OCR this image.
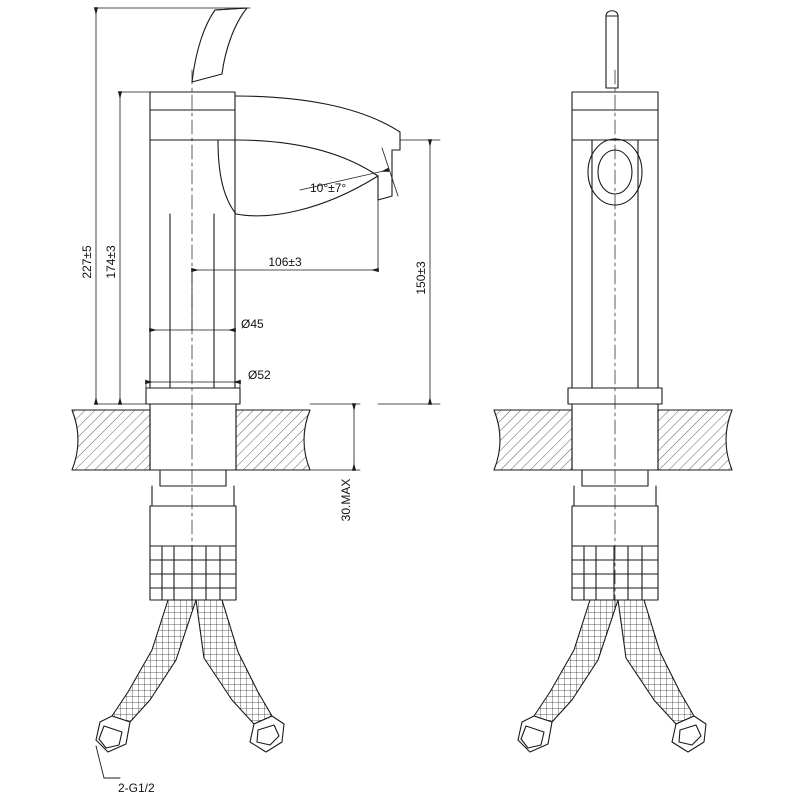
227±5 174±3	106±3	150±3
Ø45
Ø52
10°±7°
30.MAX
2-G1/2
